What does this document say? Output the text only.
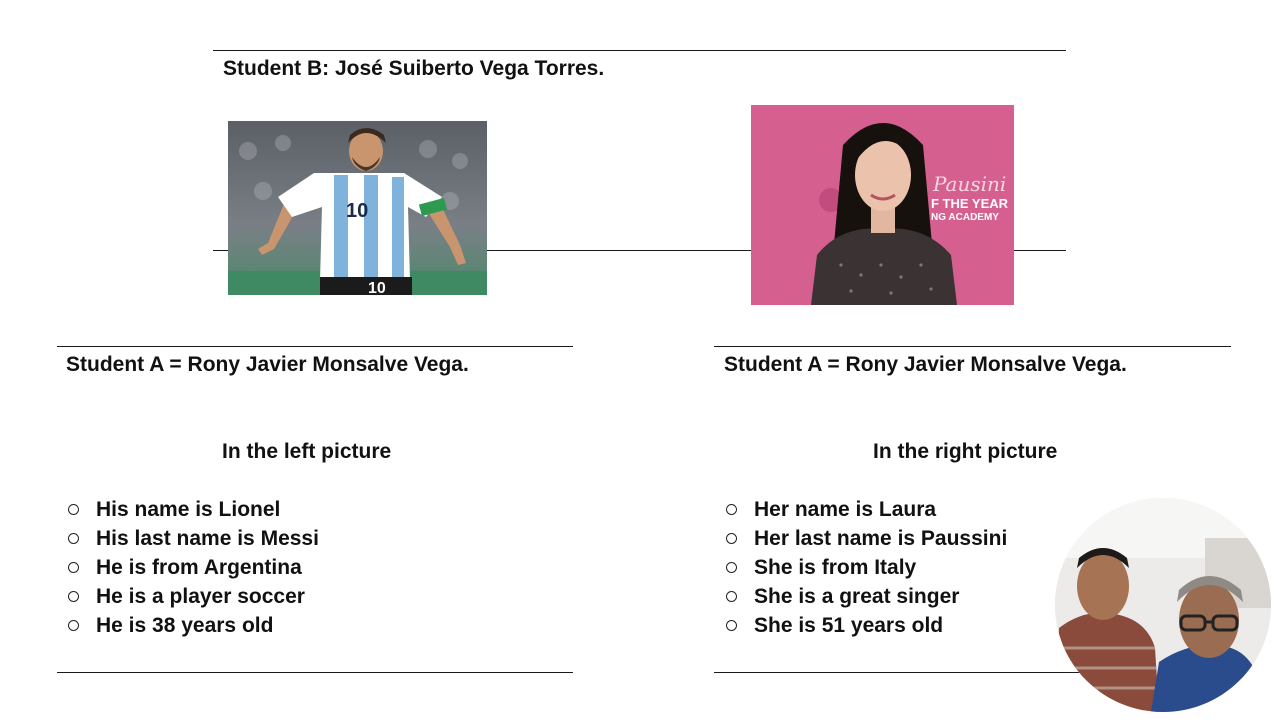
Student B: José Suiberto Vega Torres.
10
10
Pausini
F THE YEAR
NG ACADEMY
Student A = Rony Javier Monsalve Vega.
In the left picture
His name is Lionel
His last name is Messi
He is from Argentina
He is a player soccer
He is 38 years old
Student A = Rony Javier Monsalve Vega.
In the right picture
Her name is Laura
Her last name is Paussini
She is from Italy
She is a great singer
She is 51 years old
